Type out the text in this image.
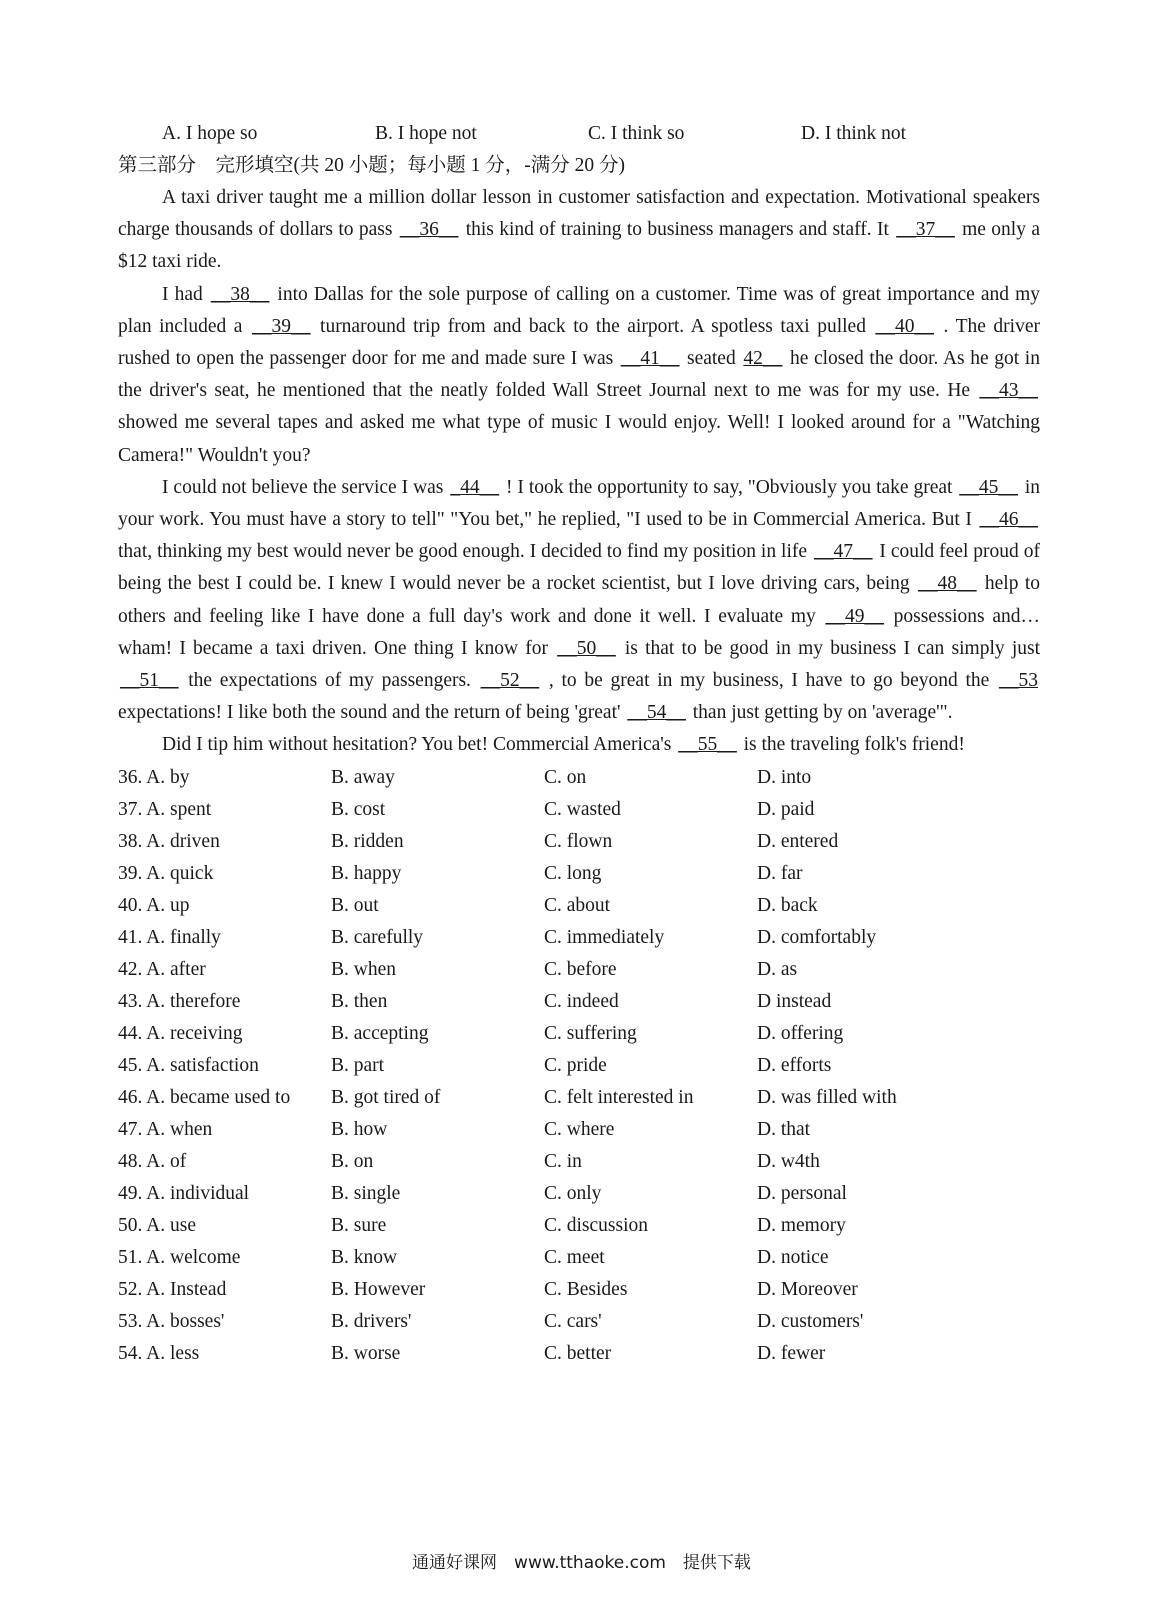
A. I hope so	B. I hope not	C. I think so	D. I think not
第三部分　完形填空(共 20 小题；每小题 1 分，-满分 20 分)

A taxi driver taught me a million dollar lesson in customer satisfaction and expectation. Motivational speakers charge thousands of dollars to pass __36__ this kind of training to business managers and staff. It __37__ me only a $12 taxi ride.

I had __38__ into Dallas for the sole purpose of calling on a customer. Time was of great importance and my plan included a __39__ turnaround trip from and back to the airport. A spotless taxi pulled __40__ . The driver rushed to open the passenger door for me and made sure I was __41__ seated 42__ he closed the door. As he got in the driver's seat, he mentioned that the neatly folded Wall Street Journal next to me was for my use. He __43__ showed me several tapes and asked me what type of music I would enjoy. Well! I looked around for a "Watching Camera!" Wouldn't you?

I could not believe the service I was _44__ ! I took the opportunity to say, "Obviously you take great __45__ in your work. You must have a story to tell" "You bet," he replied, "I used to be in Commercial America. But I __46__ that, thinking my best would never be good enough. I decided to find my position in life __47__ I could feel proud of being the best I could be. I knew I would never be a rocket scientist, but I love driving cars, being __48__ help to others and feeling like I have done a full day's work and done it well. I evaluate my __49__ possessions and… wham! I became a taxi driven. One thing I know for __50__ is that to be good in my business I can simply just __51__ the expectations of my passengers. __52__ , to be great in my business, I have to go beyond the __53 expectations! I like both the sound and the return of being 'great' __54__ than just getting by on 'average'".

Did I tip him without hesitation? You bet! Commercial America's __55__ is the traveling folk's friend!

36. A. by	B. away	C. on	D. into
37. A. spent	B. cost	C. wasted	D. paid
38. A. driven	B. ridden	C. flown	D. entered
39. A. quick	B. happy	C. long	D. far
40. A. up	B. out	C. about	D. back
41. A. finally	B. carefully	C. immediately	D. comfortably
42. A. after	B. when	C. before	D. as
43. A. therefore	B. then	C. indeed	D instead
44. A. receiving	B. accepting	C. suffering	D. offering
45. A. satisfaction	B. part	C. pride	D. efforts
46. A. became used to	B. got tired of	C. felt interested in	D. was filled with
47. A. when	B. how	C. where	D. that
48. A. of	B. on	C. in	D. w4th
49. A. individual	B. single	C. only	D. personal
50. A. use	B. sure	C. discussion	D. memory
51. A. welcome	B. know	C. meet	D. notice
52. A. Instead	B. However	C. Besides	D. Moreover
53. A. bosses'	B. drivers'	C. cars'	D. customers'
54. A. less	B. worse	C. better	D. fewer
通通好课网　www.tthaoke.com　提供下载
